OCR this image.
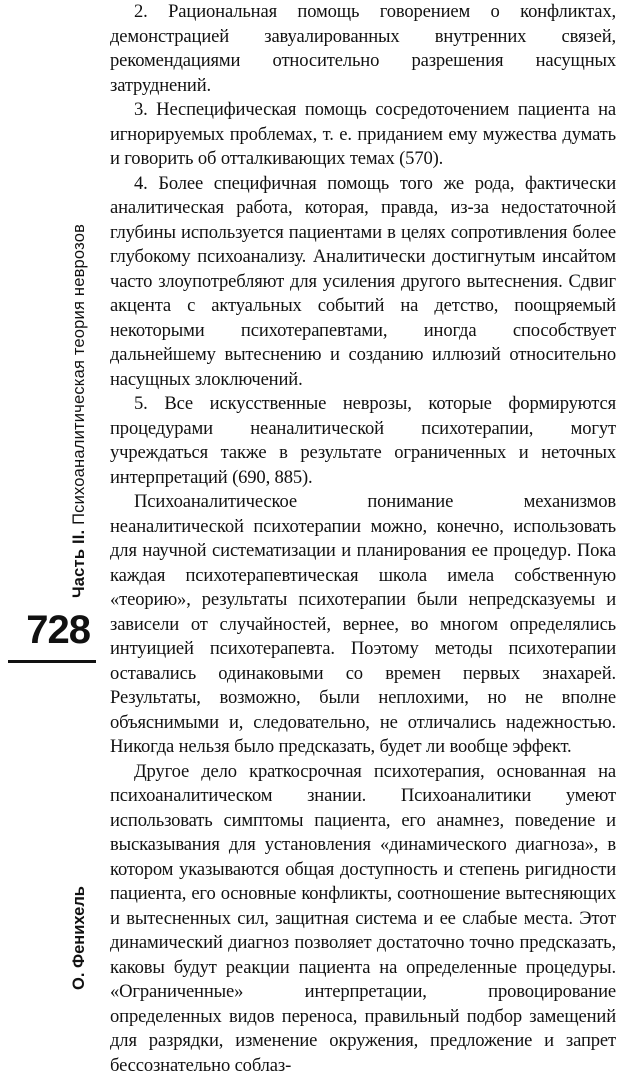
Часть II. Психоаналитическая теория неврозов
728
О. Фенихель

2. Рациональная помощь говорением о конфликтах, демонстрацией завуалированных внутренних связей, рекомендациями относительно разрешения насущных затруднений.

3. Неспецифическая помощь сосредоточением пациента на игнорируемых проблемах, т. е. приданием ему мужества думать и говорить об отталкивающих темах (570).

4. Более специфичная помощь того же рода, фактически аналитическая работа, которая, правда, из-за недостаточной глубины используется пациентами в целях сопротивления более глубокому психоанализу. Аналитически достигнутым инсайтом часто злоупотребляют для усиления другого вытеснения. Сдвиг акцента с актуальных событий на детство, поощряемый некоторыми психотерапевтами, иногда способствует дальнейшему вытеснению и созданию иллюзий относительно насущных злоключений.

5. Все искусственные неврозы, которые формируются процедурами неаналитической психотерапии, могут учреждаться также в результате ограниченных и неточных интерпретаций (690, 885).

Психоаналитическое понимание механизмов неаналитической психотерапии можно, конечно, использовать для научной систематизации и планирования ее процедур. Пока каждая психотерапевтическая школа имела собственную «теорию», результаты психотерапии были непредсказуемы и зависели от случайностей, вернее, во многом определялись интуицией психотерапевта. Поэтому методы психотерапии оставались одинаковыми со времен первых знахарей. Результаты, возможно, были неплохими, но не вполне объяснимыми и, следовательно, не отличались надежностью. Никогда нельзя было предсказать, будет ли вообще эффект.

Другое дело краткосрочная психотерапия, основанная на психоаналитическом знании. Психоаналитики умеют использовать симптомы пациента, его анамнез, поведение и высказывания для установления «динамического диагноза», в котором указываются общая доступность и степень ригидности пациента, его основные конфликты, соотношение вытесняющих и вытесненных сил, защитная система и ее слабые места. Этот динамический диагноз позволяет достаточно точно предсказать, каковы будут реакции пациента на определенные процедуры. «Ограниченные» интерпретации, провоцирование определенных видов переноса, правильный подбор замещений для разрядки, изменение окружения, предложение и запрет бессознательно соблаз-
